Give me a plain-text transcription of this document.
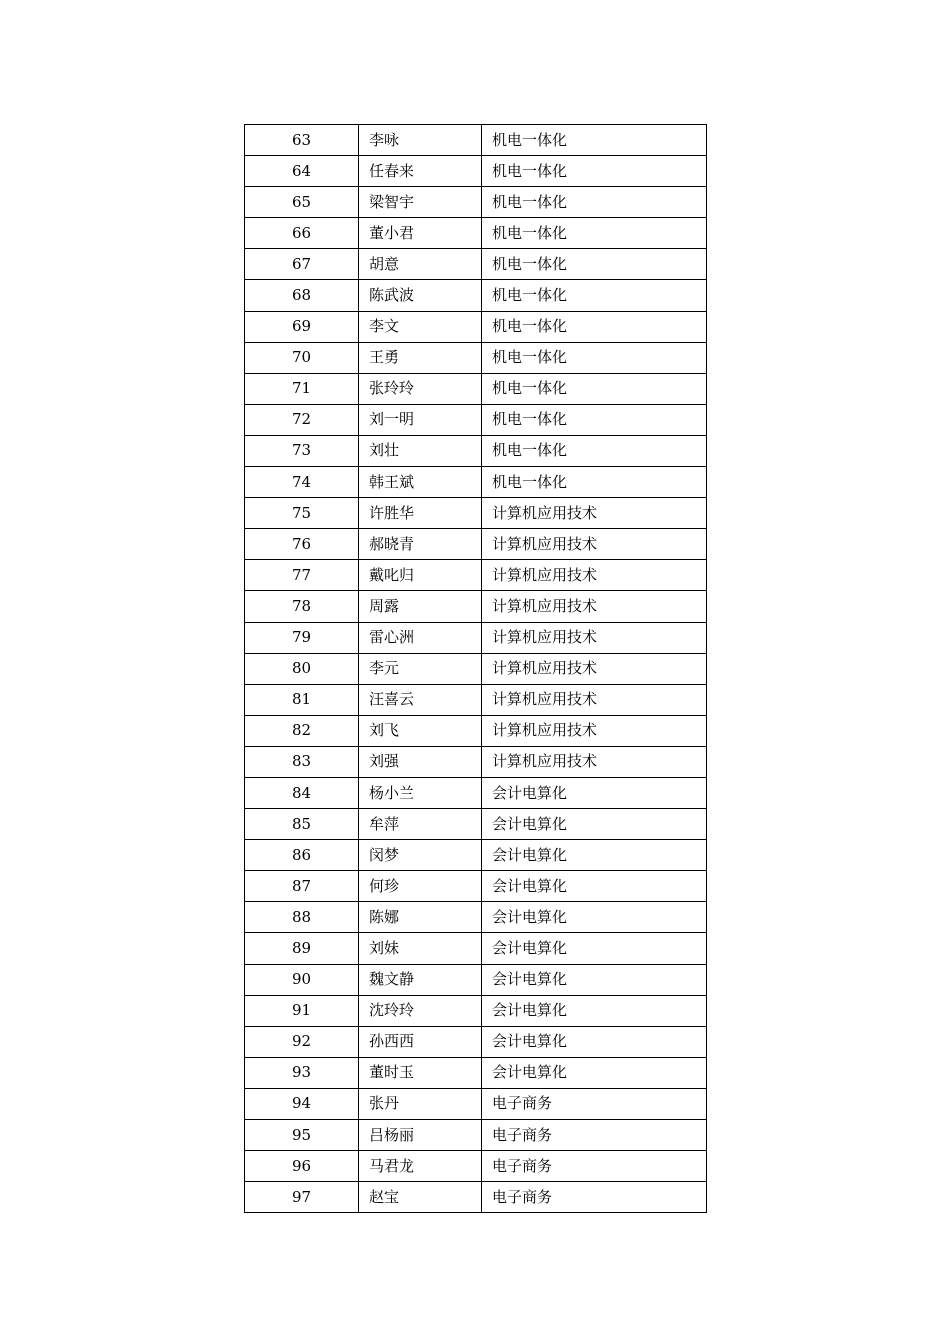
63	李咏	机电一体化
64	任春来	机电一体化
65	梁智宇	机电一体化
66	董小君	机电一体化
67	胡意	机电一体化
68	陈武波	机电一体化
69	李文	机电一体化
70	王勇	机电一体化
71	张玲玲	机电一体化
72	刘一明	机电一体化
73	刘壮	机电一体化
74	韩王斌	机电一体化
75	许胜华	计算机应用技术
76	郝晓青	计算机应用技术
77	戴叱归	计算机应用技术
78	周露	计算机应用技术
79	雷心洲	计算机应用技术
80	李元	计算机应用技术
81	汪喜云	计算机应用技术
82	刘飞	计算机应用技术
83	刘强	计算机应用技术
84	杨小兰	会计电算化
85	牟萍	会计电算化
86	闵梦	会计电算化
87	何珍	会计电算化
88	陈娜	会计电算化
89	刘妹	会计电算化
90	魏文静	会计电算化
91	沈玲玲	会计电算化
92	孙西西	会计电算化
93	董时玉	会计电算化
94	张丹	电子商务
95	吕杨丽	电子商务
96	马君龙	电子商务
97	赵宝	电子商务
